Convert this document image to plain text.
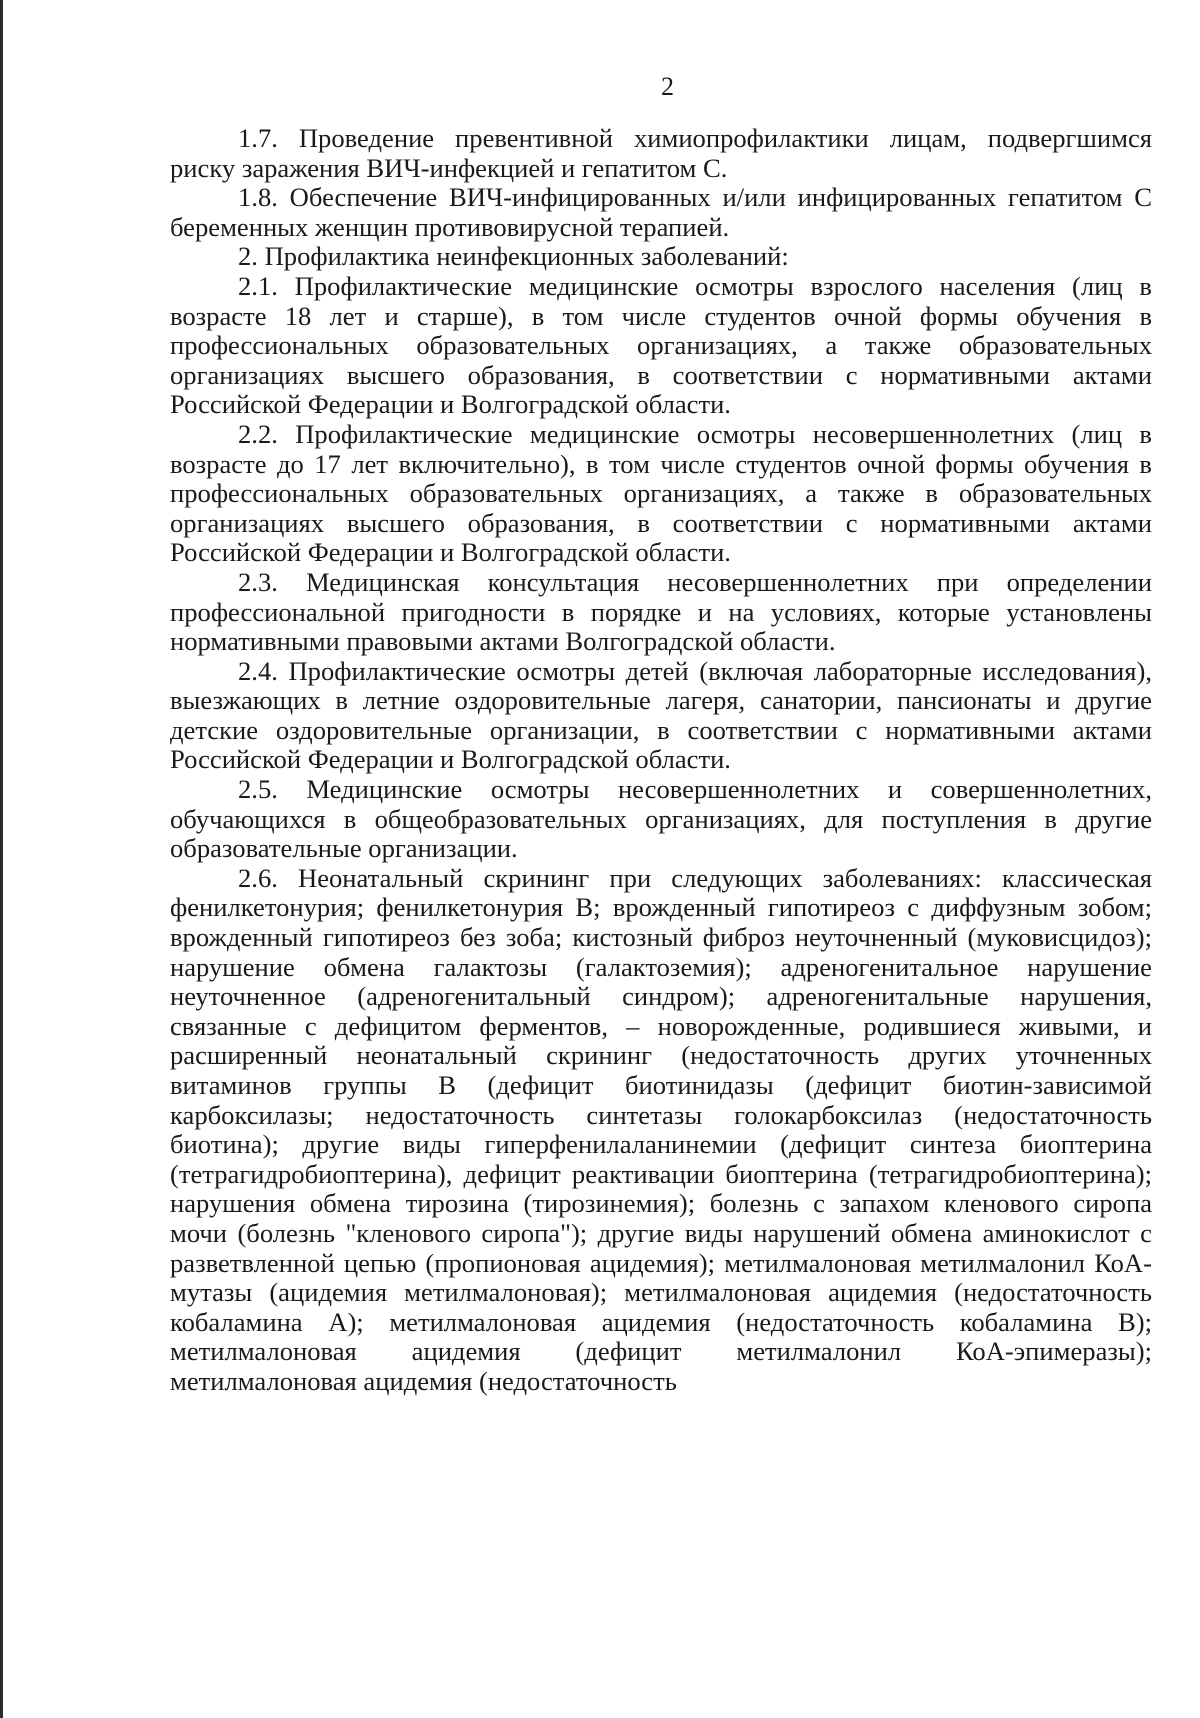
2

1.7. Проведение превентивной химиопрофилактики лицам, подвергшимся риску заражения ВИЧ-инфекцией и гепатитом С.

1.8. Обеспечение ВИЧ-инфицированных и/или инфицированных гепатитом С беременных женщин противовирусной терапией.

2. Профилактика неинфекционных заболеваний:

2.1. Профилактические медицинские осмотры взрослого населения (лиц в возрасте 18 лет и старше), в том числе студентов очной формы обучения в профессиональных образовательных организациях, а также образовательных организациях высшего образования, в соответствии с нормативными актами Российской Федерации и Волгоградской области.

2.2. Профилактические медицинские осмотры несовершеннолетних (лиц в возрасте до 17 лет включительно), в том числе студентов очной формы обучения в профессиональных образовательных организациях, а также в образовательных организациях высшего образования, в соответствии с нормативными актами Российской Федерации и Волгоградской области.

2.3. Медицинская консультация несовершеннолетних при определении профессиональной пригодности в порядке и на условиях, которые установлены нормативными правовыми актами Волгоградской области.

2.4. Профилактические осмотры детей (включая лабораторные исследования), выезжающих в летние оздоровительные лагеря, санатории, пансионаты и другие детские оздоровительные организации, в соответствии с нормативными актами Российской Федерации и Волгоградской области.

2.5. Медицинские осмотры несовершеннолетних и совершеннолетних, обучающихся в общеобразовательных организациях, для поступления в другие образовательные организации.

2.6. Неонатальный скрининг при следующих заболеваниях: классическая фенилкетонурия; фенилкетонурия В; врожденный гипотиреоз с диффузным зобом; врожденный гипотиреоз без зоба; кистозный фиброз неуточненный (муковисцидоз); нарушение обмена галактозы (галактоземия); адреногенитальное нарушение неуточненное (адреногенитальный синдром); адреногенитальные нарушения, связанные с дефицитом ферментов, – новорожденные, родившиеся живыми, и расширенный неонатальный скрининг (недостаточность других уточненных витаминов группы В (дефицит биотинидазы (дефицит биотин-зависимой карбоксилазы; недостаточность синтетазы голокарбоксилаз (недостаточность биотина); другие виды гиперфенилаланинемии (дефицит синтеза биоптерина (тетрагидробиоптерина), дефицит реактивации биоптерина (тетрагидробиоптерина); нарушения обмена тирозина (тирозинемия); болезнь с запахом кленового сиропа мочи (болезнь "кленового сиропа"); другие виды нарушений обмена аминокислот с разветвленной цепью (пропионовая ацидемия); метилмалоновая метилмалонил КоА-мутазы (ацидемия метилмалоновая); метилмалоновая ацидемия (недостаточность кобаламина А); метилмалоновая ацидемия (недостаточность кобаламина В); метилмалоновая ацидемия (дефицит метилмалонил КоА-эпимеразы); метилмалоновая ацидемия (недостаточность
